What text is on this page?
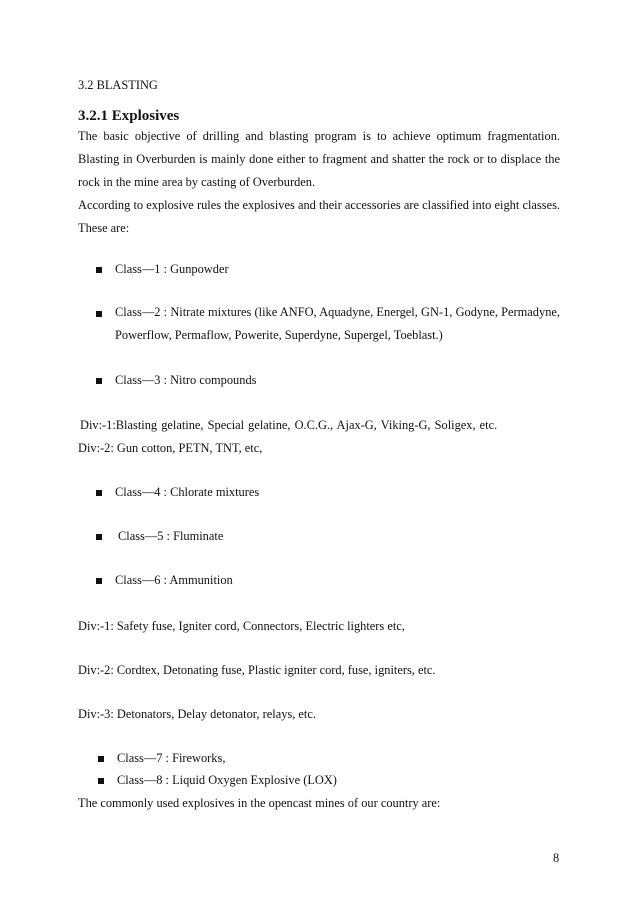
3.2 BLASTING
3.2.1 Explosives
The basic objective of drilling and blasting program is to achieve optimum fragmentation. Blasting in Overburden is mainly done either to fragment and shatter the rock or to displace the rock in the mine area by casting of Overburden.
According to explosive rules the explosives and their accessories are classified into eight classes. These are:
Class—1 : Gunpowder
Class—2 : Nitrate mixtures (like ANFO, Aquadyne, Energel, GN-1, Godyne, Permadyne, Powerflow, Permaflow, Powerite, Superdyne, Supergel, Toeblast.)
Class—3 : Nitro compounds
Div:-1:Blasting gelatine, Special gelatine, O.C.G., Ajax-G, Viking-G, Soligex, etc.
Div:-2: Gun cotton, PETN, TNT, etc,
Class—4 : Chlorate mixtures
Class—5 : Fluminate
Class—6 : Ammunition
Div:-1: Safety fuse, Igniter cord, Connectors, Electric lighters etc,
Div:-2: Cordtex, Detonating fuse, Plastic igniter cord, fuse, igniters, etc.
Div:-3: Detonators, Delay detonator, relays, etc.
Class—7 : Fireworks,
Class—8 : Liquid Oxygen Explosive (LOX)
The commonly used explosives in the opencast mines of our country are:
8
